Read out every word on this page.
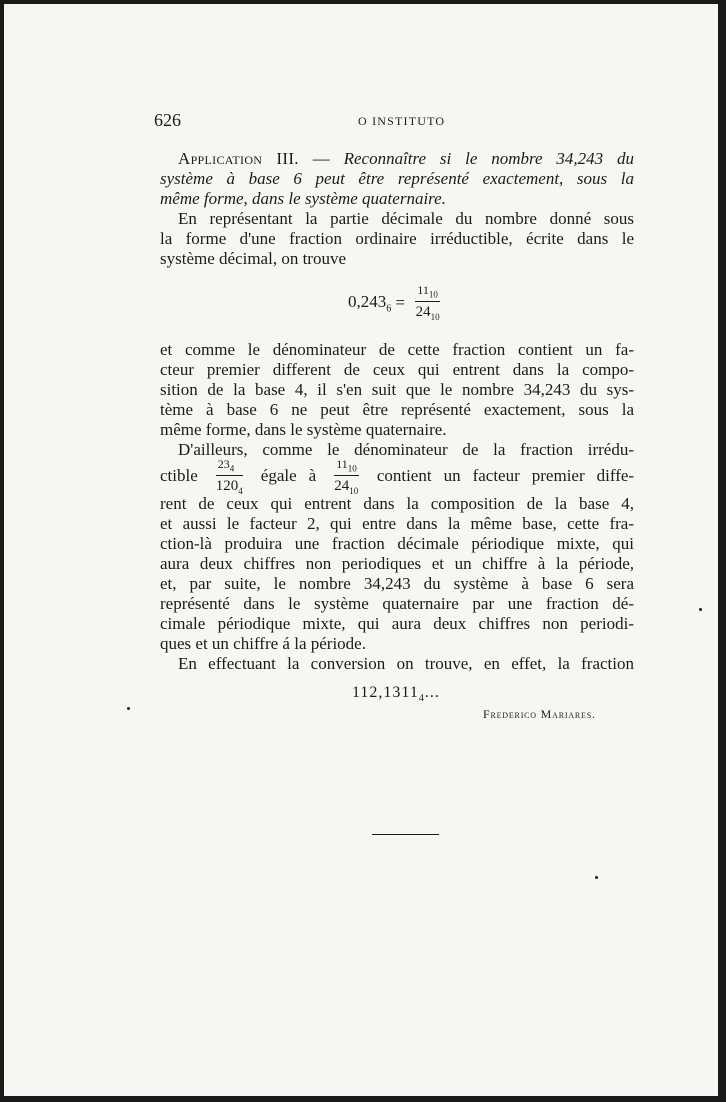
626	O INSTITUTO
Application III. — Reconnaître si le nombre 34,243 du
système à base 6 peut être représenté exactement, sous la
même forme, dans le système quaternaire.
En représentant la partie décimale du nombre donné sous
la forme d'une fraction ordinaire irréductible, écrite dans le
système décimal, on trouve
$0,243_6 = \frac{11_{10}}{24_{10}}$
et comme le dénominateur de cette fraction contient un fa-
cteur premier different de ceux qui entrent dans la compo-
sition de la base 4, il s'en suit que le nombre 34,243 du sys-
tème à base 6 ne peut être représenté exactement, sous la
même forme, dans le système quaternaire.
D'ailleurs, comme le dénominateur de la fraction irrédu-
ctible $\frac{23_4}{120_4}$ égale à $\frac{11_{10}}{24_{10}}$ contient un facteur premier diffe-
rent de ceux qui entrent dans la composition de la base 4,
et aussi le facteur 2, qui entre dans la même base, cette fra-
ction-là produira une fraction décimale périodique mixte, qui
aura deux chiffres non periodiques et un chiffre à la période,
et, par suite, le nombre 34,243 du système à base 6 sera
représenté dans le système quaternaire par une fraction dé-
cimale périodique mixte, qui aura deux chiffres non periodi-
ques et un chiffre á la période.
En effectuant la conversion on trouve, en effet, la fraction
$112,1311_4$...
Frederico Mariares.
